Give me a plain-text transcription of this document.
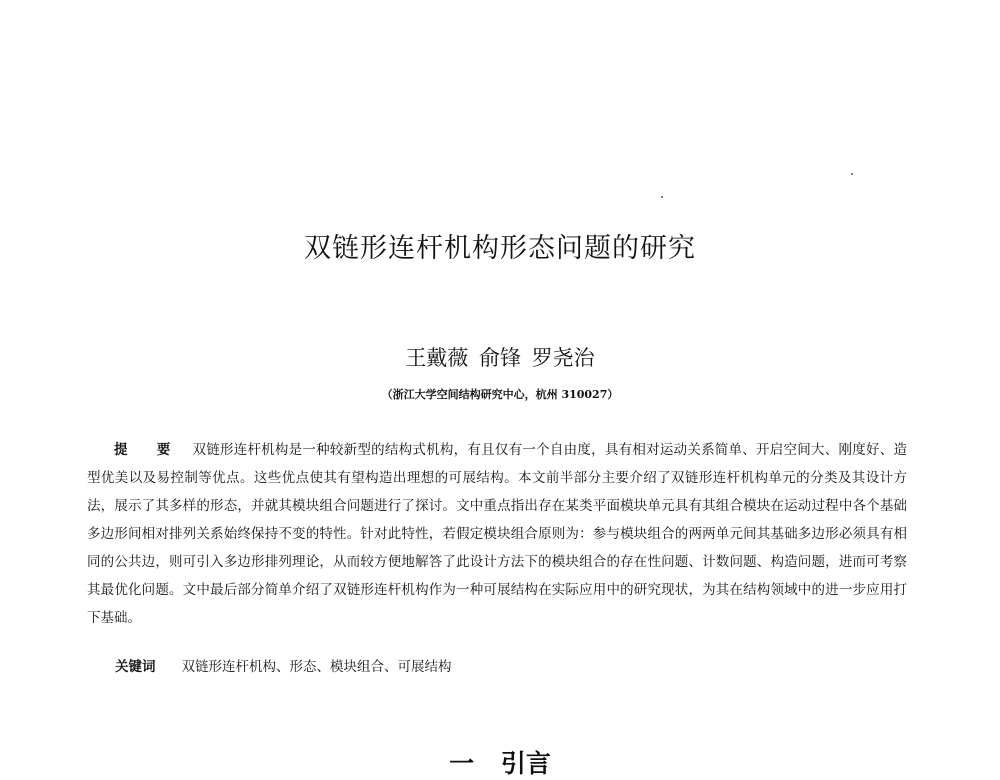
双链形连杆机构形态问题的研究
王戴薇 俞锋 罗尧治
（浙江大学空间结构研究中心，杭州 310027）
提 要 双链形连杆机构是一种较新型的结构式机构，有且仅有一个自由度，具有相对运动关系简单、开启空间大、刚度好、造型优美以及易控制等优点。这些优点使其有望构造出理想的可展结构。本文前半部分主要介绍了双链形连杆机构单元的分类及其设计方法，展示了其多样的形态，并就其模块组合问题进行了探讨。文中重点指出存在某类平面模块单元具有其组合模块在运动过程中各个基础多边形间相对排列关系始终保持不变的特性。针对此特性，若假定模块组合原则为：参与模块组合的两两单元间其基础多边形必须具有相同的公共边，则可引入多边形排列理论，从而较方便地解答了此设计方法下的模块组合的存在性问题、计数问题、构造问题，进而可考察其最优化问题。文中最后部分简单介绍了双链形连杆机构作为一种可展结构在实际应用中的研究现状，为其在结构领域中的进一步应用打下基础。
关键词 双链形连杆机构、形态、模块组合、可展结构
一 引言
